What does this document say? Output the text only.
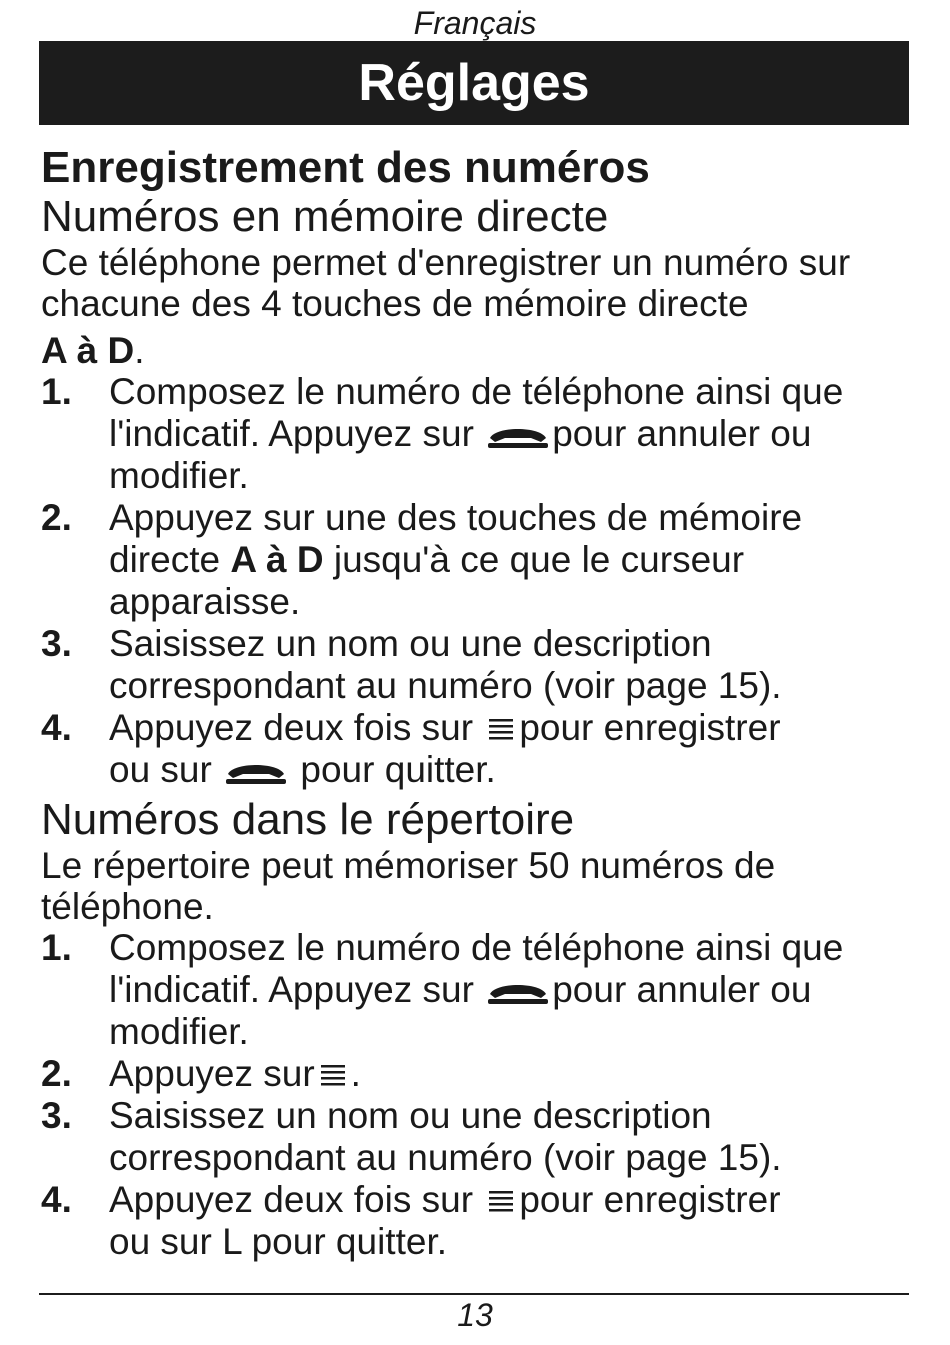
Français
Réglages
Enregistrement des numéros
Numéros en mémoire directe
Ce téléphone permet d'enregistrer un numéro sur chacune des 4 touches de mémoire directe
A à D.
1. Composez le numéro de téléphone ainsi que l'indicatif. Appuyez sur pour annuler ou modifier.
2. Appuyez sur une des touches de mémoire directe A à D jusqu'à ce que le curseur apparaisse.
3. Saisissez un nom ou une description correspondant au numéro (voir page 15).
4. Appuyez deux fois sur pour enregistrer
ou sur pour quitter.
Numéros dans le répertoire
Le répertoire peut mémoriser 50 numéros de téléphone.
1. Composez le numéro de téléphone ainsi que l'indicatif. Appuyez sur pour annuler ou modifier.
2. Appuyez sur .
3. Saisissez un nom ou une description correspondant au numéro (voir page 15).
4. Appuyez deux fois sur pour enregistrer
ou sur L pour quitter.
13
